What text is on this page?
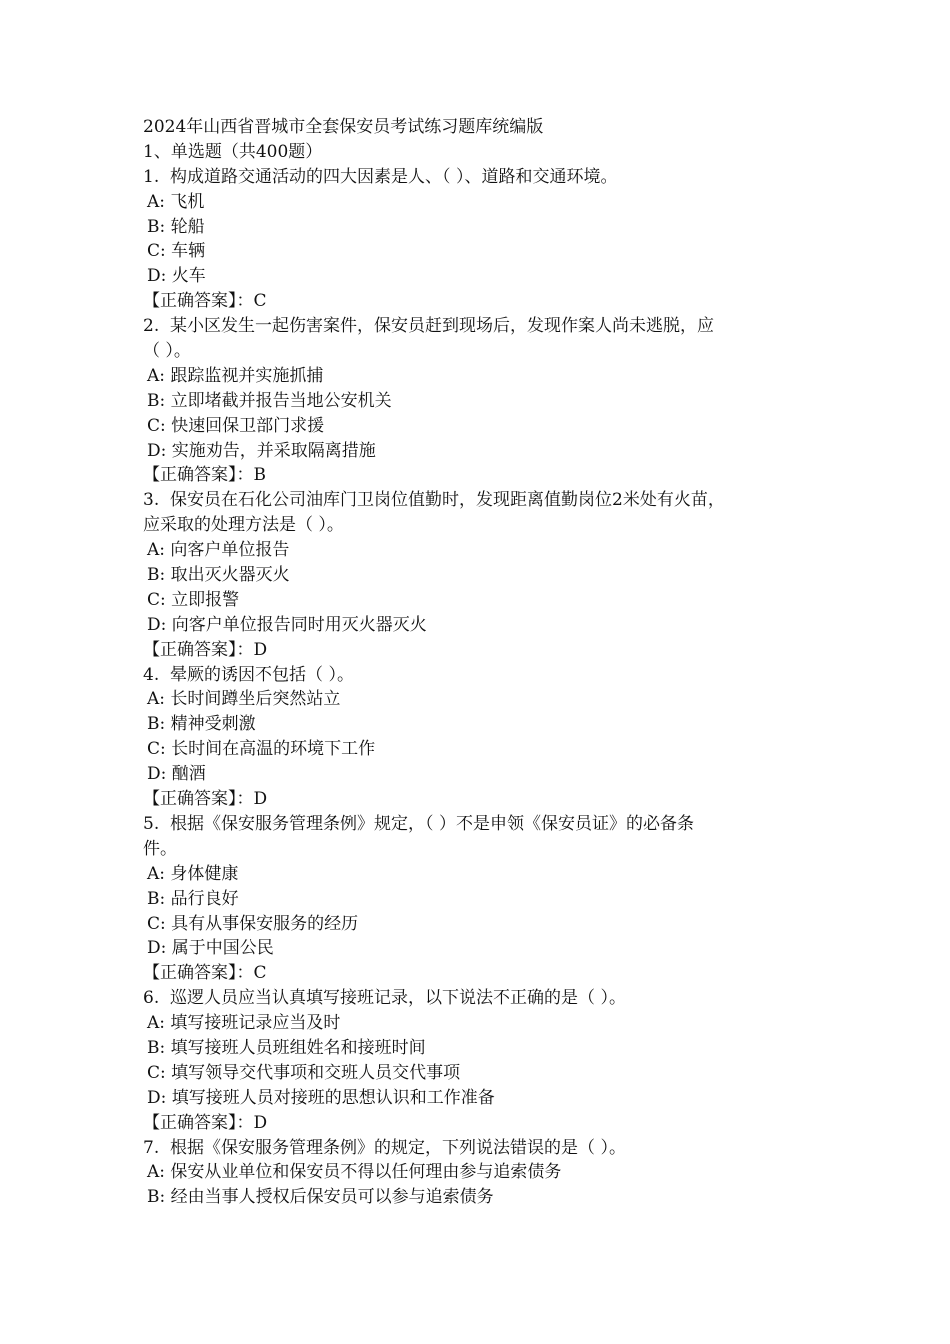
2024年山西省晋城市全套保安员考试练习题库统编版
1、单选题（共400题）
1. 构成道路交通活动的四大因素是人、（ ）、道路和交通环境。
A: 飞机
B: 轮船
C: 车辆
D: 火车
【正确答案】：C
2. 某小区发生一起伤害案件，保安员赶到现场后，发现作案人尚未逃脱，应
（ ）。
A: 跟踪监视并实施抓捕
B: 立即堵截并报告当地公安机关
C: 快速回保卫部门求援
D: 实施劝告，并采取隔离措施
【正确答案】：B
3. 保安员在石化公司油库门卫岗位值勤时，发现距离值勤岗位2米处有火苗，
应采取的处理方法是（ ）。
A: 向客户单位报告
B: 取出灭火器灭火
C: 立即报警
D: 向客户单位报告同时用灭火器灭火
【正确答案】：D
4. 晕厥的诱因不包括（ ）。
A: 长时间蹲坐后突然站立
B: 精神受刺激
C: 长时间在高温的环境下工作
D: 酗酒
【正确答案】：D
5. 根据《保安服务管理条例》规定，（ ）不是申领《保安员证》的必备条
件。
A: 身体健康
B: 品行良好
C: 具有从事保安服务的经历
D: 属于中国公民
【正确答案】：C
6. 巡逻人员应当认真填写接班记录，以下说法不正确的是（ ）。
A: 填写接班记录应当及时
B: 填写接班人员班组姓名和接班时间
C: 填写领导交代事项和交班人员交代事项
D: 填写接班人员对接班的思想认识和工作准备
【正确答案】：D
7. 根据《保安服务管理条例》的规定，下列说法错误的是（ ）。
A: 保安从业单位和保安员不得以任何理由参与追索债务
B: 经由当事人授权后保安员可以参与追索债务
